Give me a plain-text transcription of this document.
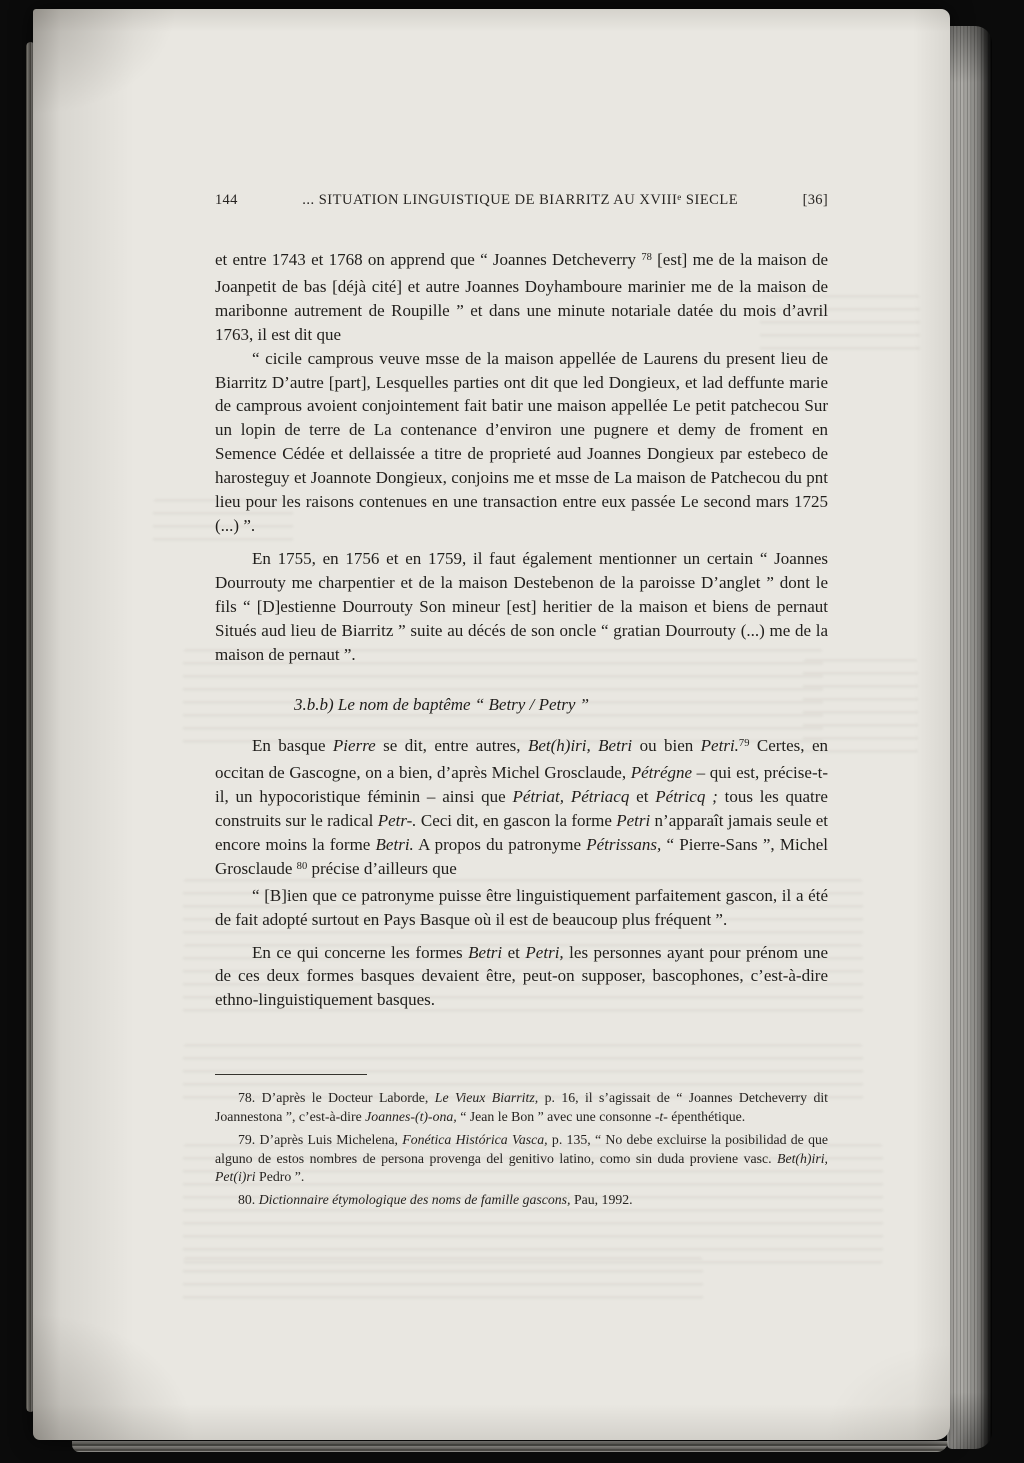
144	... SITUATION LINGUISTIQUE DE BIARRITZ AU XVIIIe SIECLE	[36]

et entre 1743 et 1768 on apprend que “ Joannes Detcheverry $^{78}$ [est] me de la maison de Joanpetit de bas [déjà cité] et autre Joannes Doyhamboure marinier me de la maison de maribonne autrement de Roupille ” et dans une minute notariale datée du mois d’avril 1763, il est dit que

“ cicile camprous veuve msse de la maison appellée de Laurens du present lieu de Biarritz D’autre [part], Lesquelles parties ont dit que led Dongieux, et lad deffunte marie de camprous avoient conjointement fait batir une maison appellée Le petit patchecou Sur un lopin de terre de La contenance d’environ une pugnere et demy de froment en Semence Cédée et dellaissée a titre de proprieté aud Joannes Dongieux par estebeco de harosteguy et Joannote Dongieux, conjoins me et msse de La maison de Patchecou du pnt lieu pour les raisons contenues en une transaction entre eux passée Le second mars 1725 (...) ”.

En 1755, en 1756 et en 1759, il faut également mentionner un certain “ Joannes Dourrouty me charpentier et de la maison Destebenon de la paroisse D’anglet ” dont le fils “ [D]estienne Dourrouty Son mineur [est] heritier de la maison et biens de pernaut Situés aud lieu de Biarritz ” suite au décés de son oncle “ gratian Dourrouty (...) me de la maison de pernaut ”.

3.b.b) Le nom de baptême “ Betry / Petry ”

En basque Pierre se dit, entre autres, Bet(h)iri, Betri ou bien Petri.$^{79}$ Certes, en occitan de Gascogne, on a bien, d’après Michel Grosclaude, Pétrégne – qui est, précise-t-il, un hypocoristique féminin – ainsi que Pétriat, Pétriacq et Pétricq ; tous les quatre construits sur le radical Petr-. Ceci dit, en gascon la forme Petri n’apparaît jamais seule et encore moins la forme Betri. A propos du patronyme Pétrissans, “ Pierre-Sans ”, Michel Grosclaude $^{80}$ précise d’ailleurs que

“ [B]ien que ce patronyme puisse être linguistiquement parfaitement gascon, il a été de fait adopté surtout en Pays Basque où il est de beaucoup plus fréquent ”.

En ce qui concerne les formes Betri et Petri, les personnes ayant pour prénom une de ces deux formes basques devaient être, peut-on supposer, bascophones, c’est-à-dire ethno-linguistiquement basques.

78. D’après le Docteur Laborde, Le Vieux Biarritz, p. 16, il s’agissait de “ Joannes Detcheverry dit Joannestona ”, c’est-à-dire Joannes-(t)-ona, “ Jean le Bon ” avec une consonne -t- épenthétique.

79. D’après Luis Michelena, Fonética Histórica Vasca, p. 135, “ No debe excluirse la posibilidad de que alguno de estos nombres de persona provenga del genitivo latino, como sin duda proviene vasc. Bet(h)iri, Pet(i)ri Pedro ”.

80. Dictionnaire étymologique des noms de famille gascons, Pau, 1992.
